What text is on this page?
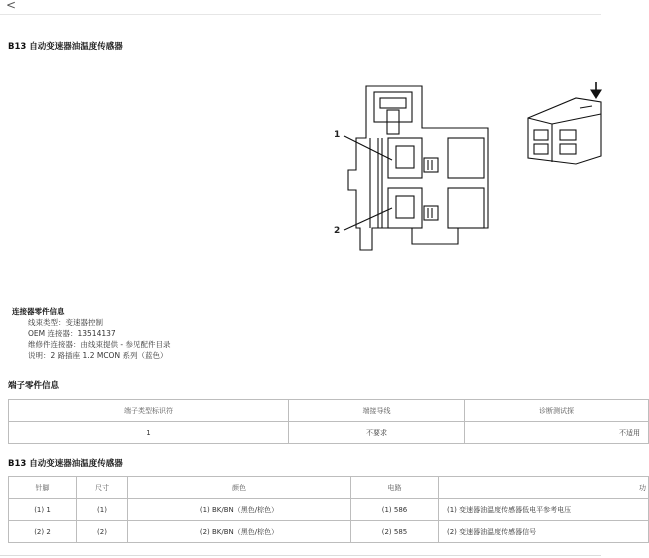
<
B13 自动变速器油温度传感器
1
2
连接器零件信息
线束类型：变速器控制
OEM 连接器：13514137
维修件连接器：由线束提供 - 参见配件目录
说明：2 路插座 1.2 MCON 系列（蓝色）
端子零件信息
端子类型标识符	端接导线	诊断测试探
1	不要求	不适用
B13 自动变速器油温度传感器
针脚	尺寸	颜色	电路	功
(1) 1	(1)	(1) BK/BN（黑色/棕色）	(1) 586	(1) 变速器油温度传感器低电平参考电压
(2) 2	(2)	(2) BK/BN（黑色/棕色）	(2) 585	(2) 变速器油温度传感器信号
